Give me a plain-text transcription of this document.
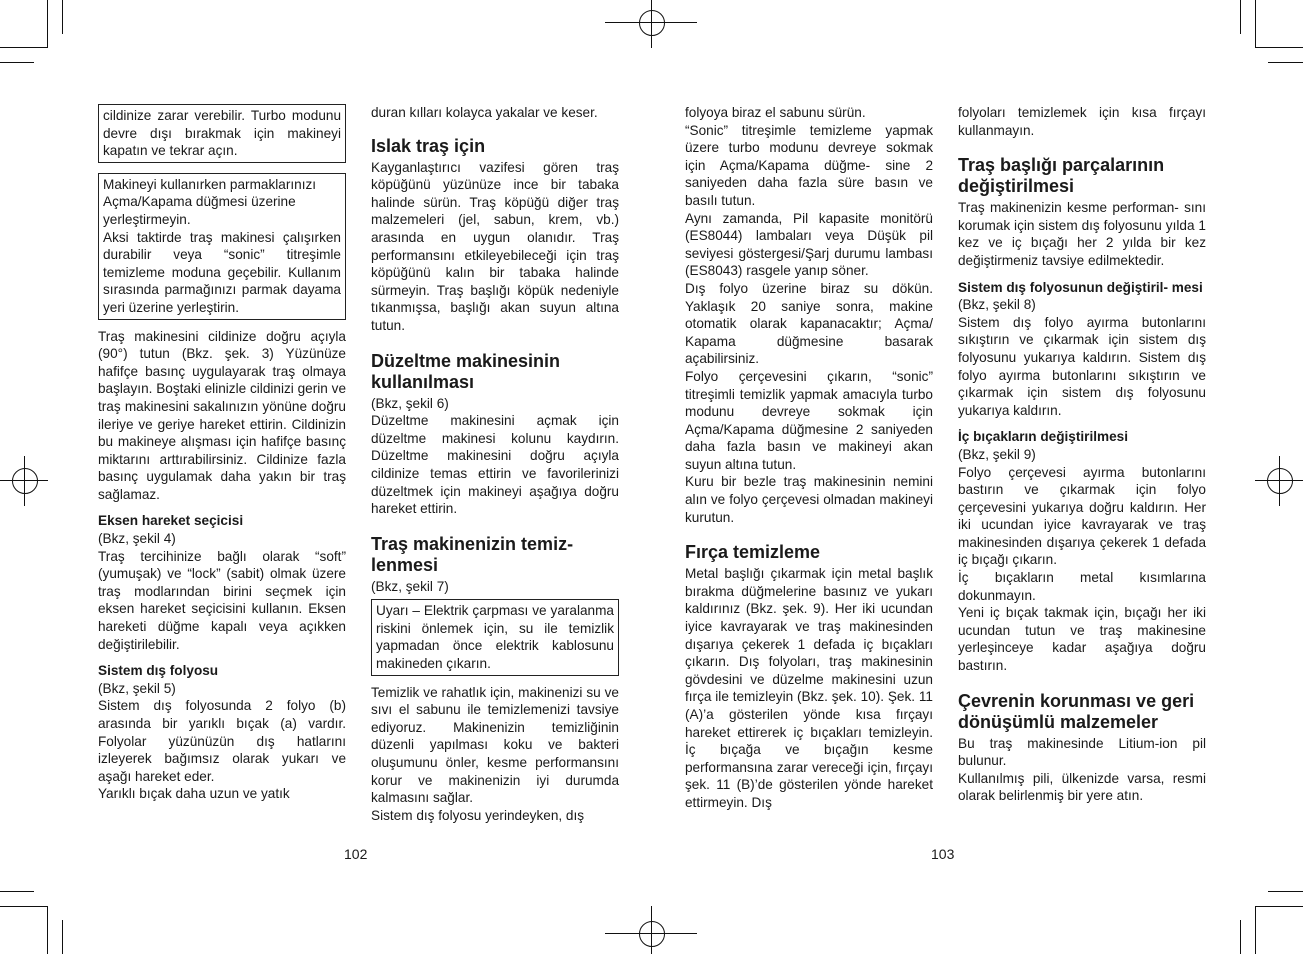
cildinize zarar verebilir. Turbo modunu devre dışı bırakmak için makineyi kapatın ve tekrar açın.

Makineyi kullanırken parmaklarınızı Açma/Kapama düğmesi üzerine yerleştirmeyin.

Aksi taktirde traş makinesi çalışırken durabilir veya “sonic” titreşimle temizleme moduna geçebilir. Kullanım sırasında parmağınızı parmak dayama yeri üzerine yerleştirin.

Traş makinesini cildinize doğru açıyla (90°) tutun (Bkz. şek. 3) Yüzünüze hafifçe basınç uygulayarak traş olmaya başlayın. Boştaki elinizle cildinizi gerin ve traş makinesini sakalınızın yönüne doğru ileriye ve geriye hareket ettirin. Cildinizin bu makineye alışması için hafifçe basınç miktarını arttırabilirsiniz. Cildinize fazla basınç uygulamak daha yakın bir traş sağlamaz.

Eksen hareket seçicisi

(Bkz, şekil 4)

Traş tercihinize bağlı olarak “soft” (yumuşak) ve “lock” (sabit) olmak üzere traş modlarından birini seçmek için eksen hareket seçicisini kullanın. Eksen hareketi düğme kapalı veya açıkken değiştirilebilir.

Sistem dış folyosu

(Bkz, şekil 5)

Sistem dış folyosunda 2 folyo (b) arasında bir yarıklı bıçak (a) vardır. Folyolar yüzünüzün dış hatlarını izleyerek bağımsız olarak yukarı ve aşağı hareket eder.

Yarıklı bıçak daha uzun ve yatık

duran kılları kolayca yakalar ve keser.

Islak traş için

Kayganlaştırıcı vazifesi gören traş köpüğünü yüzünüze ince bir tabaka halinde sürün. Traş köpüğü diğer traş malzemeleri (jel, sabun, krem, vb.) arasında en uygun olanıdır. Traş performansını etkileyebileceği için traş köpüğünü kalın bir tabaka halinde sürmeyin. Traş başlığı köpük nedeniyle tıkanmışsa, başlığı akan suyun altına tutun.

Düzeltme makinesinin kullanılması

(Bkz, şekil 6)

Düzeltme makinesini açmak için düzeltme makinesi kolunu kaydırın. Düzeltme makinesini doğru açıyla cildinize temas ettirin ve favorilerinizi düzeltmek için makineyi aşağıya doğru hareket ettirin.

Traş makinenizin temiz- lenmesi

(Bkz, şekil 7)

Uyarı – Elektrik çarpması ve yaralanma riskini önlemek için, su ile temizlik yapmadan önce elektrik kablosunu makineden çıkarın.

Temizlik ve rahatlık için, makinenizi su ve sıvı el sabunu ile temizlemenizi tavsiye ediyoruz. Makinenizin temizliğinin düzenli yapılması koku ve bakteri oluşumunu önler, kesme performansını korur ve makinenizin iyi durumda kalmasını sağlar.

Sistem dış folyosu yerindeyken, dış

folyoya biraz el sabunu sürün.

“Sonic” titreşimle temizleme yapmak üzere turbo modunu devreye sokmak için Açma/Kapama düğme- sine 2 saniyeden daha fazla süre basın ve basılı tutun.

Aynı zamanda, Pil kapasite monitörü (ES8044) lambaları veya Düşük pil seviyesi göstergesi/Şarj durumu lambası (ES8043) rasgele yanıp söner.

Dış folyo üzerine biraz su dökün. Yaklaşık 20 saniye sonra, makine otomatik olarak kapanacaktır; Açma/ Kapama düğmesine basarak açabilirsiniz.

Folyo çerçevesini çıkarın, “sonic” titreşimli temizlik yapmak amacıyla turbo modunu devreye sokmak için Açma/Kapama düğmesine 2 saniyeden daha fazla basın ve makineyi akan suyun altına tutun.

Kuru bir bezle traş makinesinin nemini alın ve folyo çerçevesi olmadan makineyi kurutun.

Fırça temizleme

Metal başlığı çıkarmak için metal başlık bırakma düğmelerine basınız ve yukarı kaldırınız (Bkz. şek. 9). Her iki ucundan iyice kavrayarak ve traş makinesinden dışarıya çekerek 1 defada iç bıçakları çıkarın. Dış folyoları, traş makinesinin gövdesini ve düzelme makinesini uzun fırça ile temizleyin (Bkz. şek. 10). Şek. 11 (A)’a gösterilen yönde kısa fırçayı hareket ettirerek iç bıçakları temizleyin. İç bıçağa ve bıçağın kesme performansına zarar vereceği için, fırçayı şek. 11 (B)’de gösterilen yönde hareket ettirmeyin. Dış

folyoları temizlemek için kısa fırçayı kullanmayın.

Traş başlığı parçalarının değiştirilmesi

Traş makinenizin kesme performan- sını korumak için sistem dış folyosunu yılda 1 kez ve iç bıçağı her 2 yılda bir kez değiştirmeniz tavsiye edilmektedir.

Sistem dış folyosunun değiştiril- mesi

(Bkz, şekil 8)

Sistem dış folyo ayırma butonlarını sıkıştırın ve çıkarmak için sistem dış folyosunu yukarıya kaldırın. Sistem dış folyo ayırma butonlarını sıkıştırın ve çıkarmak için sistem dış folyosunu yukarıya kaldırın.

İç bıçakların değiştirilmesi

(Bkz, şekil 9)

Folyo çerçevesi ayırma butonlarını bastırın ve çıkarmak için folyo çerçevesini yukarıya doğru kaldırın. Her iki ucundan iyice kavrayarak ve traş makinesinden dışarıya çekerek 1 defada iç bıçağı çıkarın.

İç bıçakların metal kısımlarına dokunmayın.

Yeni iç bıçak takmak için, bıçağı her iki ucundan tutun ve traş makinesine yerleşinceye kadar aşağıya doğru bastırın.

Çevrenin korunması ve geri dönüşümlü malzemeler

Bu traş makinesinde Litium-ion pil bulunur.

Kullanılmış pili, ülkenizde varsa, resmi olarak belirlenmiş bir yere atın.

102	103
